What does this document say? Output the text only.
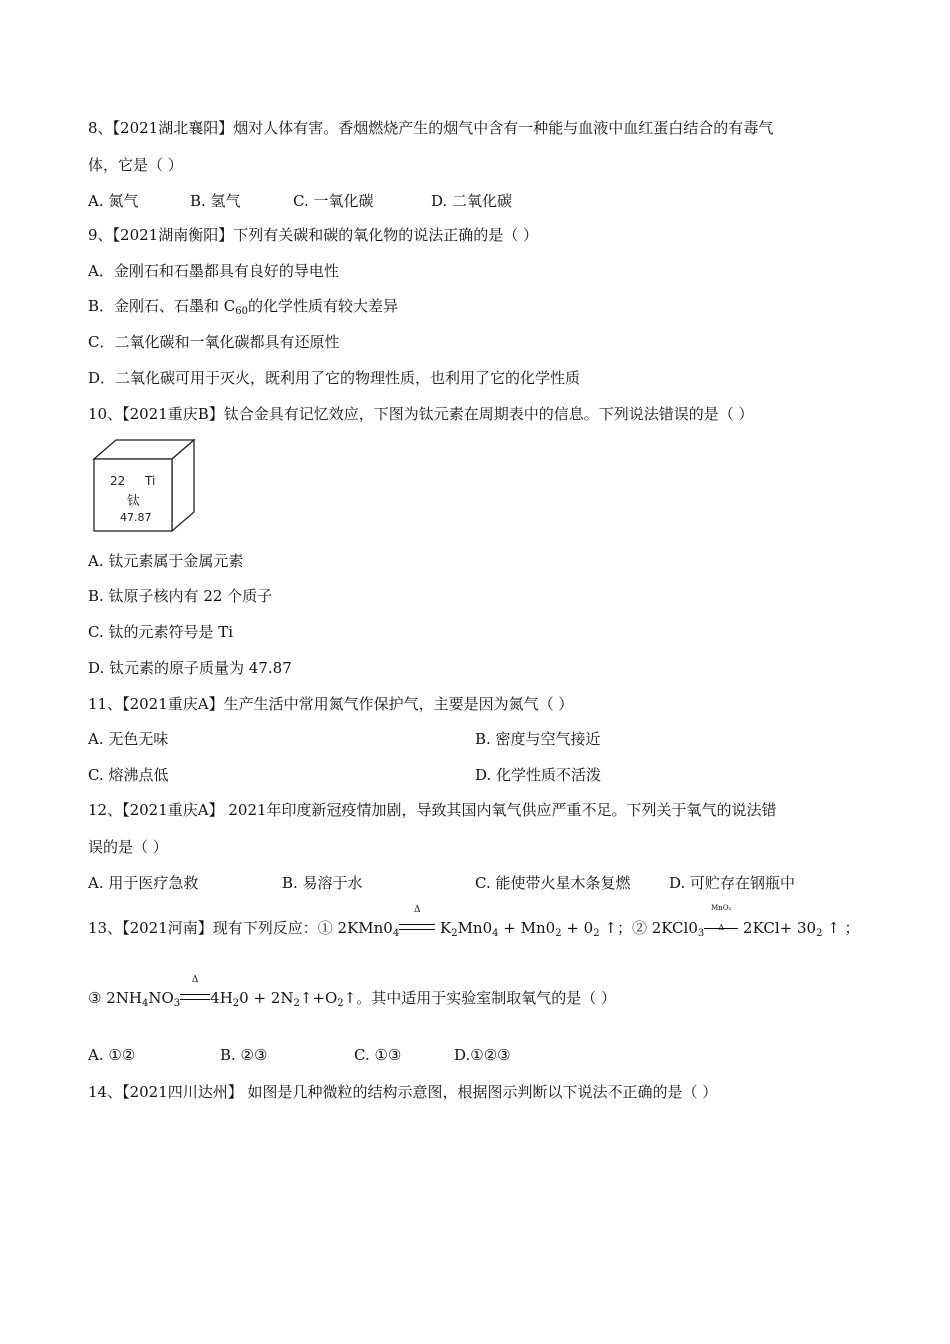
8、【2021湖北襄阳】烟对人体有害。香烟燃烧产生的烟气中含有一种能与血液中血红蛋白结合的有毒气
体，它是（ ）
A. 氮气	B. 氢气	C. 一氧化碳	D. 二氧化碳
9、【2021湖南衡阳】下列有关碳和碳的氧化物的说法正确的是（ ）
A．金刚石和石墨都具有良好的导电性
B．金刚石、石墨和 $C_{60}$的化学性质有较大差异
C．二氧化碳和一氧化碳都具有还原性
D．二氧化碳可用于灭火，既利用了它的物理性质，也利用了它的化学性质
10、【2021重庆B】钛合金具有记忆效应，下图为钛元素在周期表中的信息。下列说法错误的是（ ）
22 Ti
钛
47.87
A. 钛元素属于金属元素
B. 钛原子核内有 22 个质子
C. 钛的元素符号是 Ti
D. 钛元素的原子质量为 47.87
11、【2021重庆A】生产生活中常用氮气作保护气，主要是因为氮气（ ）
A. 无色无味	B. 密度与空气接近
C. 熔沸点低	D. 化学性质不活泼
12、【2021重庆A】 2021年印度新冠疫情加剧，导致其国内氧气供应严重不足。下列关于氧气的说法错
误的是（ ）
A. 用于医疗急救	B. 易溶于水	C. 能使带火星木条复燃	D. 可贮存在钢瓶中
13、【2021河南】现有下列反应：① $2KMn0_4$
Δ
$K_2Mn0_4 + Mn0_2 + 0_2$ ↑；② $2KCl0_3$
MnO₂
Δ $2KCl+ 30_2$ ↑ ；
③ $2NH_4NO_3$
Δ
$4H_20$ + $2N_2↑+O_2↑$。其中适用于实验室制取氧气的是（ ）
A. ①②	B. ②③	C. ①③	D.①②③
14、【2021四川达州】 如图是几种微粒的结构示意图，根据图示判断以下说法不正确的是（ ）
